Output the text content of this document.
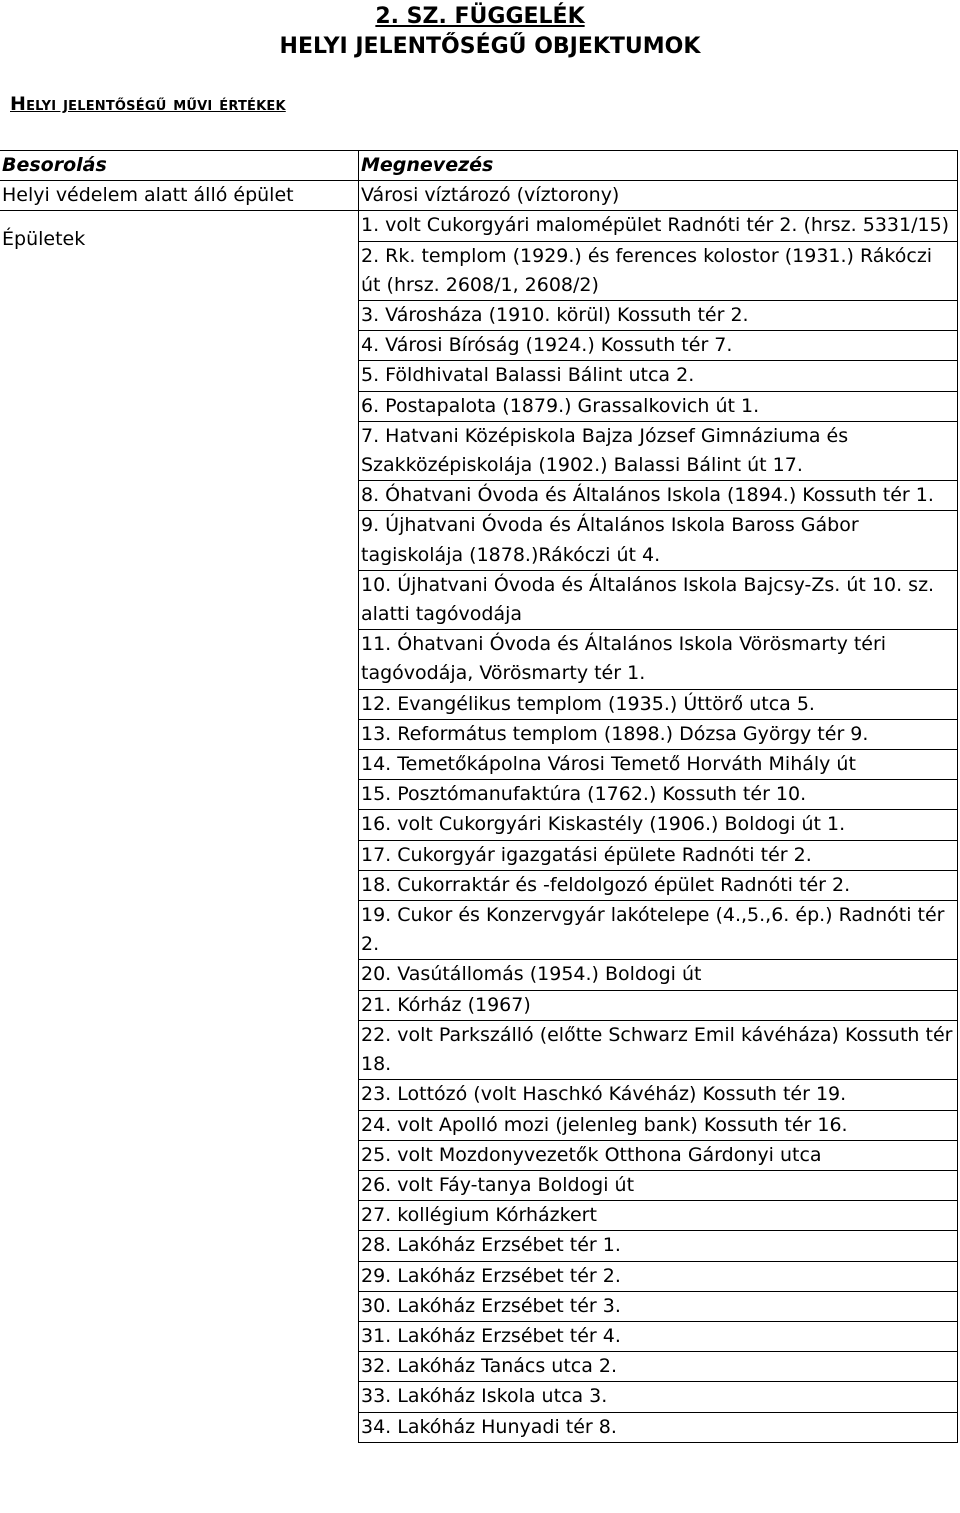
2. SZ. FÜGGELÉK
HELYI JELENTŐSÉGŰ OBJEKTUMOK
Helyi jelentőségű művi értékek
Besorolás	Megnevezés
Helyi védelem alatt álló épület	Városi víztározó (víztorony)
Épületek	1. volt Cukorgyári malomépület Radnóti tér 2. (hrsz. 5331/15)
	2. Rk. templom (1929.) és ferences kolostor (1931.) Rákóczi út (hrsz. 2608/1, 2608/2)
	3. Városháza (1910. körül) Kossuth tér 2.
	4. Városi Bíróság (1924.) Kossuth tér 7.
	5. Földhivatal Balassi Bálint utca 2.
	6. Postapalota (1879.) Grassalkovich út 1.
	7. Hatvani Középiskola Bajza József Gimnáziuma és Szakközépiskolája (1902.) Balassi Bálint út 17.
	8. Óhatvani Óvoda és Általános Iskola (1894.) Kossuth tér 1.
	9. Újhatvani Óvoda és Általános Iskola Baross Gábor tagiskolája (1878.)Rákóczi út 4.
	10. Újhatvani Óvoda és Általános Iskola Bajcsy-Zs. út 10. sz. alatti tagóvodája
	11. Óhatvani Óvoda és Általános Iskola Vörösmarty téri tagóvodája, Vörösmarty tér 1.
	12. Evangélikus templom (1935.) Úttörő utca 5.
	13. Református templom (1898.) Dózsa György tér 9.
	14. Temetőkápolna Városi Temető Horváth Mihály út
	15. Posztómanufaktúra (1762.) Kossuth tér 10.
	16. volt Cukorgyári Kiskastély (1906.) Boldogi út 1.
	17. Cukorgyár igazgatási épülete Radnóti tér 2.
	18. Cukorraktár és -feldolgozó épület Radnóti tér 2.
	19. Cukor és Konzervgyár lakótelepe (4.,5.,6. ép.) Radnóti tér 2.
	20. Vasútállomás (1954.) Boldogi út
	21. Kórház (1967)
	22. volt Parkszálló (előtte Schwarz Emil kávéháza) Kossuth tér 18.
	23. Lottózó (volt Haschkó Kávéház) Kossuth tér 19.
	24. volt Apolló mozi (jelenleg bank) Kossuth tér 16.
	25. volt Mozdonyvezetők Otthona Gárdonyi utca
	26. volt Fáy-tanya Boldogi út
	27. kollégium Kórházkert
	28. Lakóház Erzsébet tér 1.
	29. Lakóház Erzsébet tér 2.
	30. Lakóház Erzsébet tér 3.
	31. Lakóház Erzsébet tér 4.
	32. Lakóház Tanács utca 2.
	33. Lakóház Iskola utca 3.
	34. Lakóház Hunyadi tér 8.
